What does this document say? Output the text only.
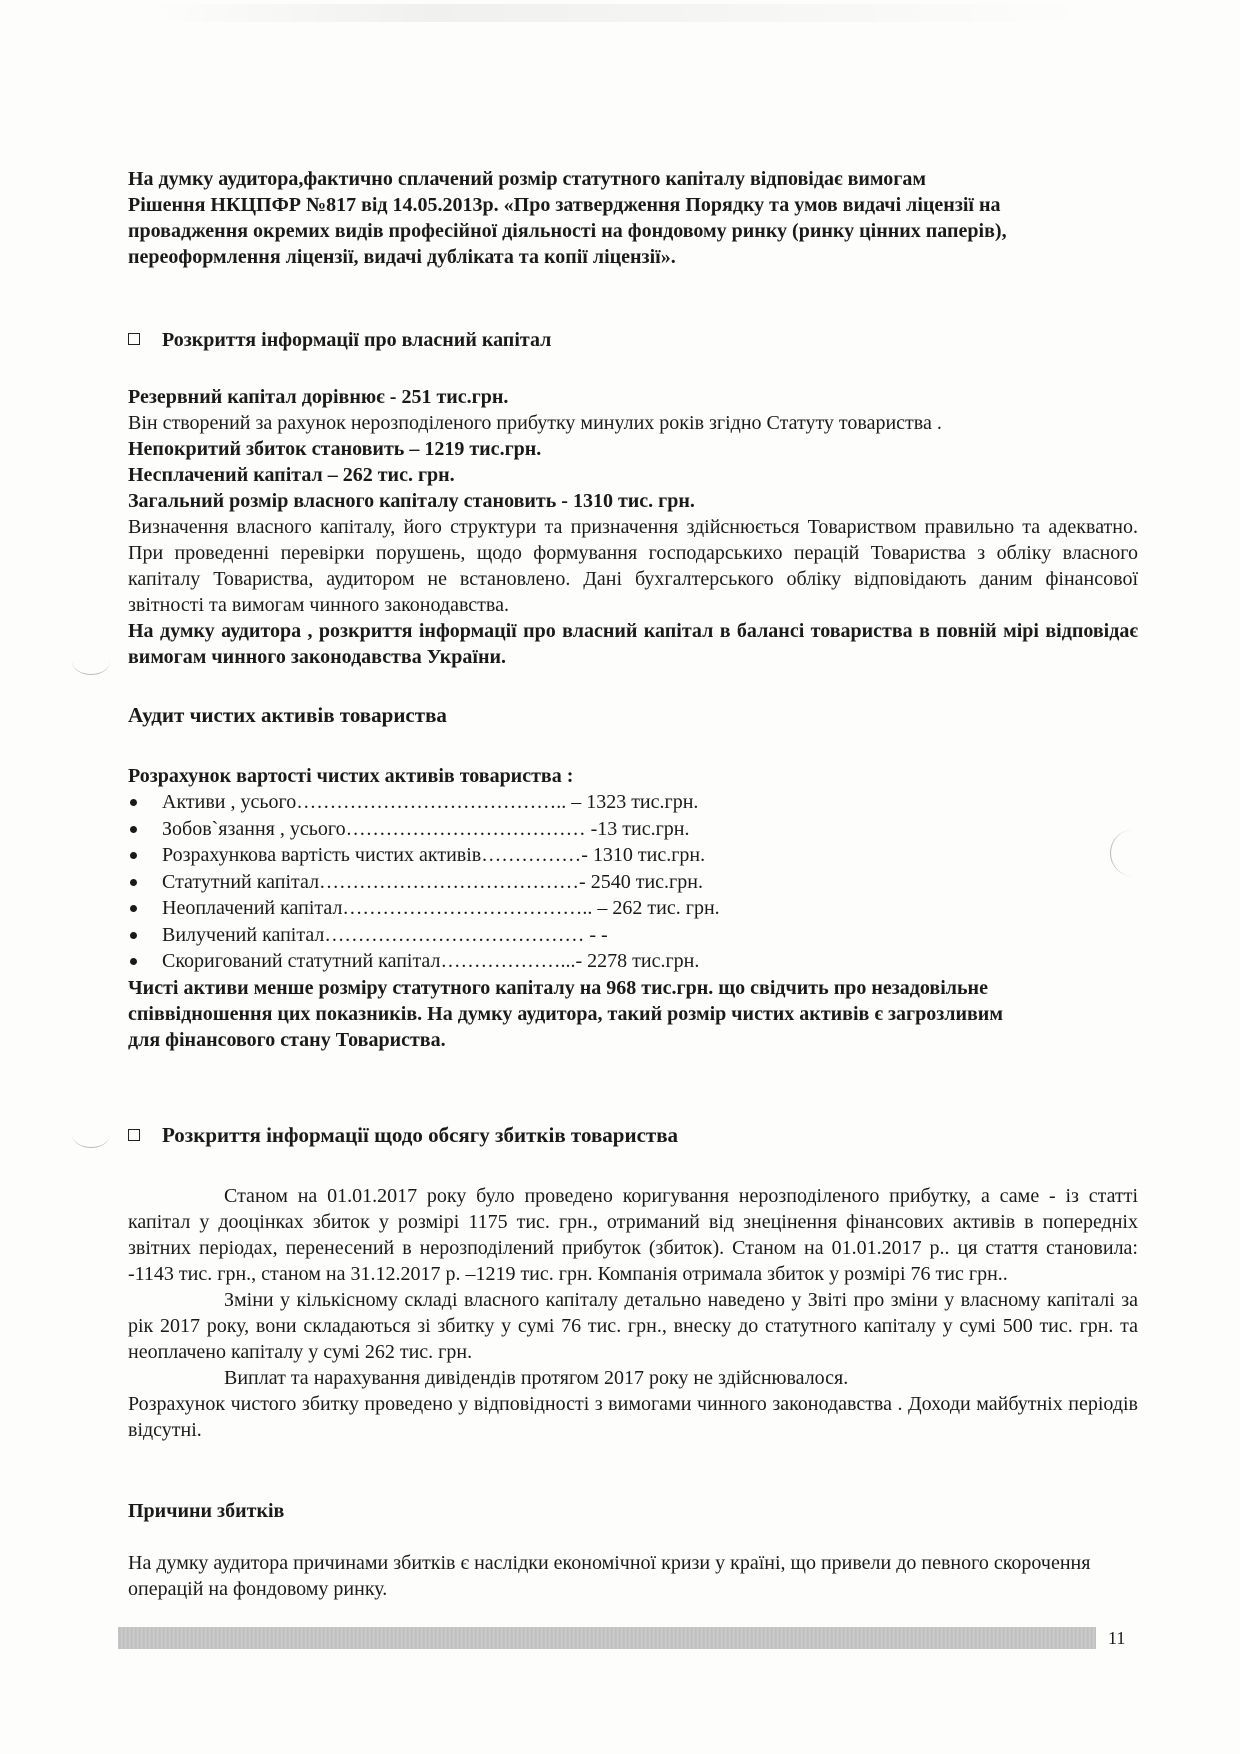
На думку аудитора,фактично сплачений розмір статутного капіталу відповідає вимогам

Рішення НКЦПФР №817 від 14.05.2013р. «Про затвердження Порядку та умов видачі ліцензії на

провадження окремих видів професійної діяльності на фондовому ринку (ринку цінних паперів),

переоформлення ліцензії, видачі дубліката та копії ліцензії».

Розкриття інформації про власний капітал

Резервний капітал дорівнює - 251 тис.грн.

Він створений за рахунок нерозподіленого прибутку минулих років згідно Статуту товариства .

Непокритий збиток становить – 1219 тис.грн.

Несплачений капітал – 262 тис. грн.

Загальний розмір власного капіталу становить - 1310 тис. грн.

Визначення власного капіталу, його структури та призначення здійснюється Товариством правильно та адекватно. При проведенні перевірки порушень, щодо формування господарськихо перацій Товариства з обліку власного капіталу Товариства, аудитором не встановлено. Дані бухгалтерського обліку відповідають даним фінансової звітності та вимогам чинного законодавства.

На думку аудитора , розкриття інформації про власний капітал в балансі товариства в повній мірі відповідає вимогам чинного законодавства України.

Аудит чистих активів товариства

Розрахунок вартості чистих активів товариства :

Активи , усього………………………………….. – 1323 тис.грн.
Зобов`язання , усього……………………………… -13 тис.грн.
Розрахункова вартість чистих активів……………- 1310 тис.грн.
Статутний капітал…………………………………- 2540 тис.грн.
Неоплачений капітал……………………………….. – 262 тис. грн.
Вилучений капітал………………………………… - -
Скоригований статутний капітал………………...- 2278 тис.грн.

Чисті активи менше розміру статутного капіталу на 968 тис.грн. що свідчить про незадовільне

співвідношення цих показників. На думку аудитора, такий розмір чистих активів є загрозливим

для фінансового стану Товариства.

Розкриття інформації щодо обсягу збитків товариства

Станом на 01.01.2017 року було проведено коригування нерозподіленого прибутку, а саме - із статті капітал у дооцінках збиток у розмірі 1175 тис. грн., отриманий від знецінення фінансових активів в попередніх звітних періодах, перенесений в нерозподілений прибуток (збиток). Станом на 01.01.2017 р.. ця стаття становила: -1143 тис. грн., станом на 31.12.2017 р. –1219 тис. грн. Компанія отримала збиток у розмірі 76 тис грн..

Зміни у кількісному складі власного капіталу детально наведено у Звіті про зміни у власному капіталі за рік 2017 року, вони складаються зі збитку у сумі 76 тис. грн., внеску до статутного капіталу у сумі 500 тис. грн. та неоплачено капіталу у сумі 262 тис. грн.

Виплат та нарахування дивідендів протягом 2017 року не здійснювалося.

Розрахунок чистого збитку проведено у відповідності з вимогами чинного законодавства . Доходи майбутніх періодів відсутні.

Причини збитків

На думку аудитора причинами збитків є наслідки економічної кризи у країні, що привели до певного скорочення операцій на фондовому ринку.

11
